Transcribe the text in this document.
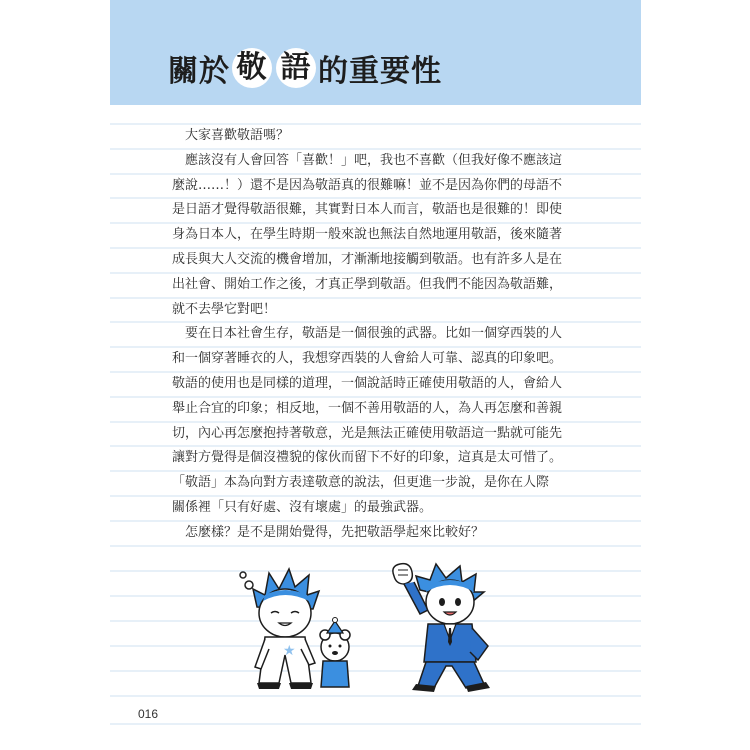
關於 敬 語 的重要性

大家喜歡敬語嗎？

應該沒有人會回答「喜歡！」吧，我也不喜歡（但我好像不應該這

麼說……！）還不是因為敬語真的很難嘛！並不是因為你們的母語不

是日語才覺得敬語很難，其實對日本人而言，敬語也是很難的！即使

身為日本人，在學生時期一般來說也無法自然地運用敬語，後來隨著

成長與大人交流的機會增加，才漸漸地接觸到敬語。也有許多人是在

出社會、開始工作之後，才真正學到敬語。但我們不能因為敬語難，

就不去學它對吧！

要在日本社會生存，敬語是一個很強的武器。比如一個穿西裝的人

和一個穿著睡衣的人，我想穿西裝的人會給人可靠、認真的印象吧。

敬語的使用也是同樣的道理，一個說話時正確使用敬語的人，會給人

舉止合宜的印象；相反地，一個不善用敬語的人，為人再怎麼和善親

切，內心再怎麼抱持著敬意，光是無法正確使用敬語這一點就可能先

讓對方覺得是個沒禮貌的傢伙而留下不好的印象，這真是太可惜了。

「敬語」本為向對方表達敬意的說法，但更進一步說，是你在人際

關係裡「只有好處、沒有壞處」的最強武器。

怎麼樣？是不是開始覺得，先把敬語學起來比較好？

★
016
